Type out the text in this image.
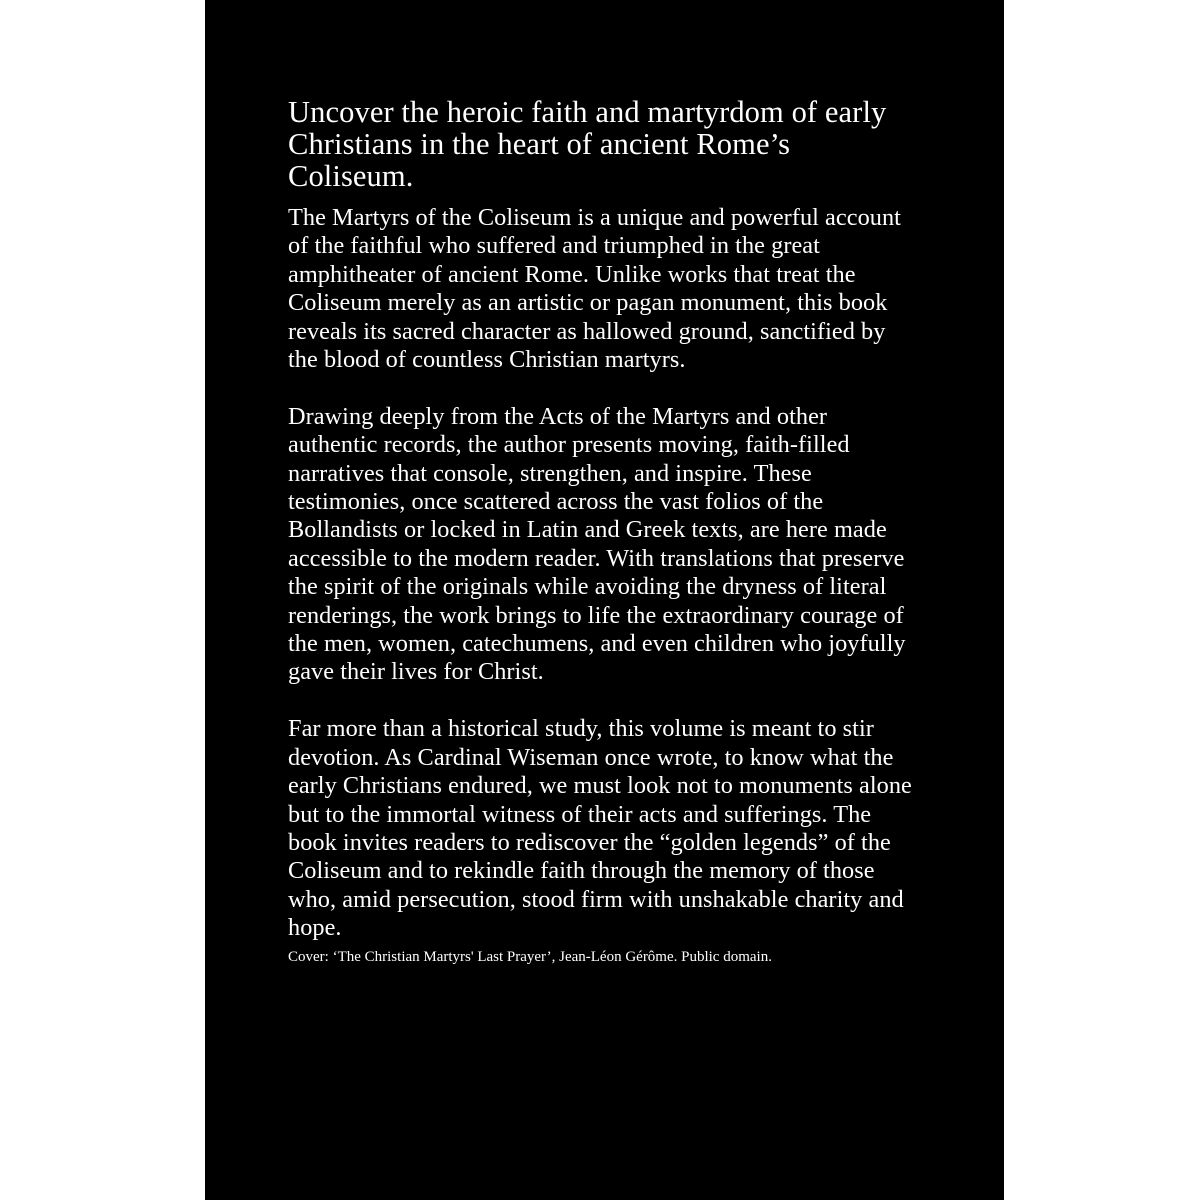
Uncover the heroic faith and martyrdom of early Christians in the heart of ancient Rome’s Coliseum.

The Martyrs of the Coliseum is a unique and powerful account of the faithful who suffered and triumphed in the great amphitheater of ancient Rome. Unlike works that treat the Coliseum merely as an artistic or pagan monument, this book reveals its sacred character as hallowed ground, sanctified by the blood of countless Christian martyrs.

Drawing deeply from the Acts of the Martyrs and other authentic records, the author presents moving, faith-filled narratives that console, strengthen, and inspire. These testimonies, once scattered across the vast folios of the Bollandists or locked in Latin and Greek texts, are here made accessible to the modern reader. With translations that preserve the spirit of the originals while avoiding the dryness of literal renderings, the work brings to life the extraordinary courage of the men, women, catechumens, and even children who joyfully gave their lives for Christ.

Far more than a historical study, this volume is meant to stir devotion. As Cardinal Wiseman once wrote, to know what the early Christians endured, we must look not to monuments alone but to the immortal witness of their acts and sufferings. The book invites readers to rediscover the “golden legends” of the Coliseum and to rekindle faith through the memory of those who, amid persecution, stood firm with unshakable charity and hope.

Cover: ‘The Christian Martyrs' Last Prayer’, Jean-Léon Gérôme. Public domain.
